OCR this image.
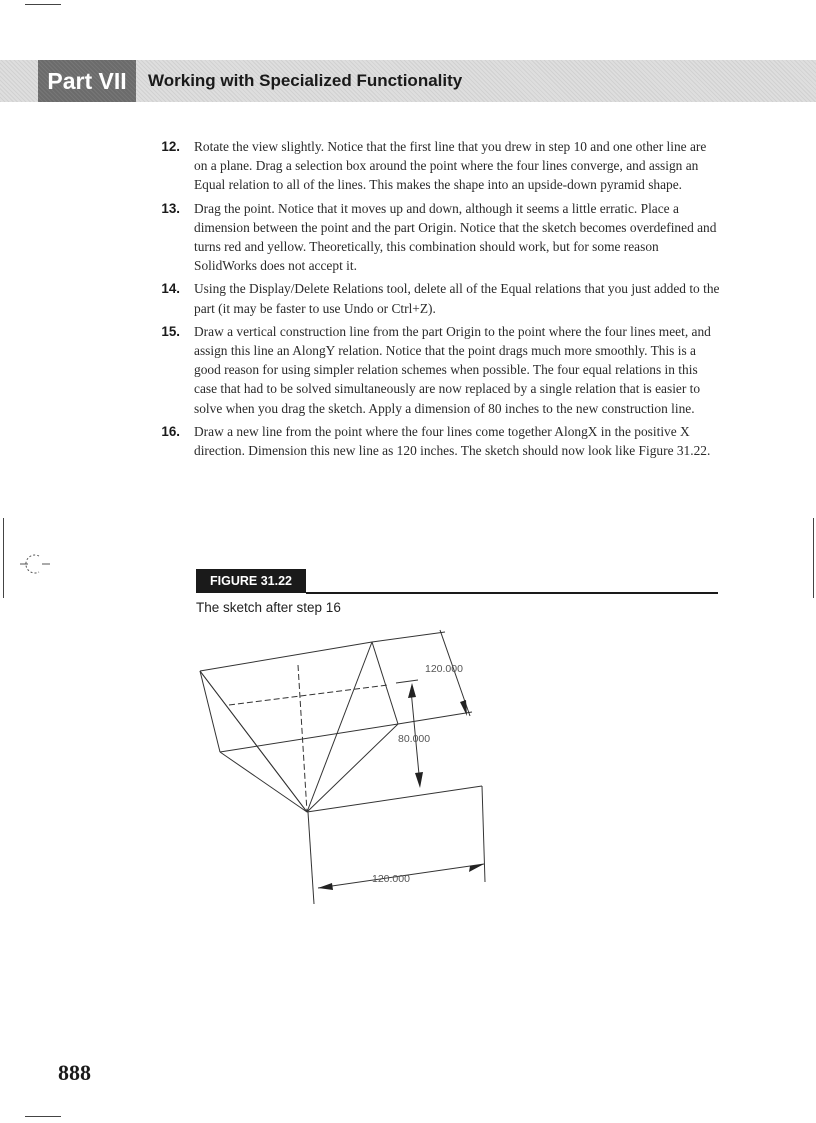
Part VII	Working with Specialized Functionality
12. Rotate the view slightly. Notice that the first line that you drew in step 10 and one other line are on a plane. Drag a selection box around the point where the four lines converge, and assign an Equal relation to all of the lines. This makes the shape into an upside-down pyramid shape.
13. Drag the point. Notice that it moves up and down, although it seems a little erratic. Place a dimension between the point and the part Origin. Notice that the sketch becomes overdefined and turns red and yellow. Theoretically, this combination should work, but for some reason SolidWorks does not accept it.
14. Using the Display/Delete Relations tool, delete all of the Equal relations that you just added to the part (it may be faster to use Undo or Ctrl+Z).
15. Draw a vertical construction line from the part Origin to the point where the four lines meet, and assign this line an AlongY relation. Notice that the point drags much more smoothly. This is a good reason for using simpler relation schemes when possible. The four equal relations in this case that had to be solved simultaneously are now replaced by a single relation that is easier to solve when you drag the sketch. Apply a dimension of 80 inches to the new construction line.
16. Draw a new line from the point where the four lines come together AlongX in the positive X direction. Dimension this new line as 120 inches. The sketch should now look like Figure 31.22.
FIGURE 31.22
The sketch after step 16
120.000
80.000
120.000
888
